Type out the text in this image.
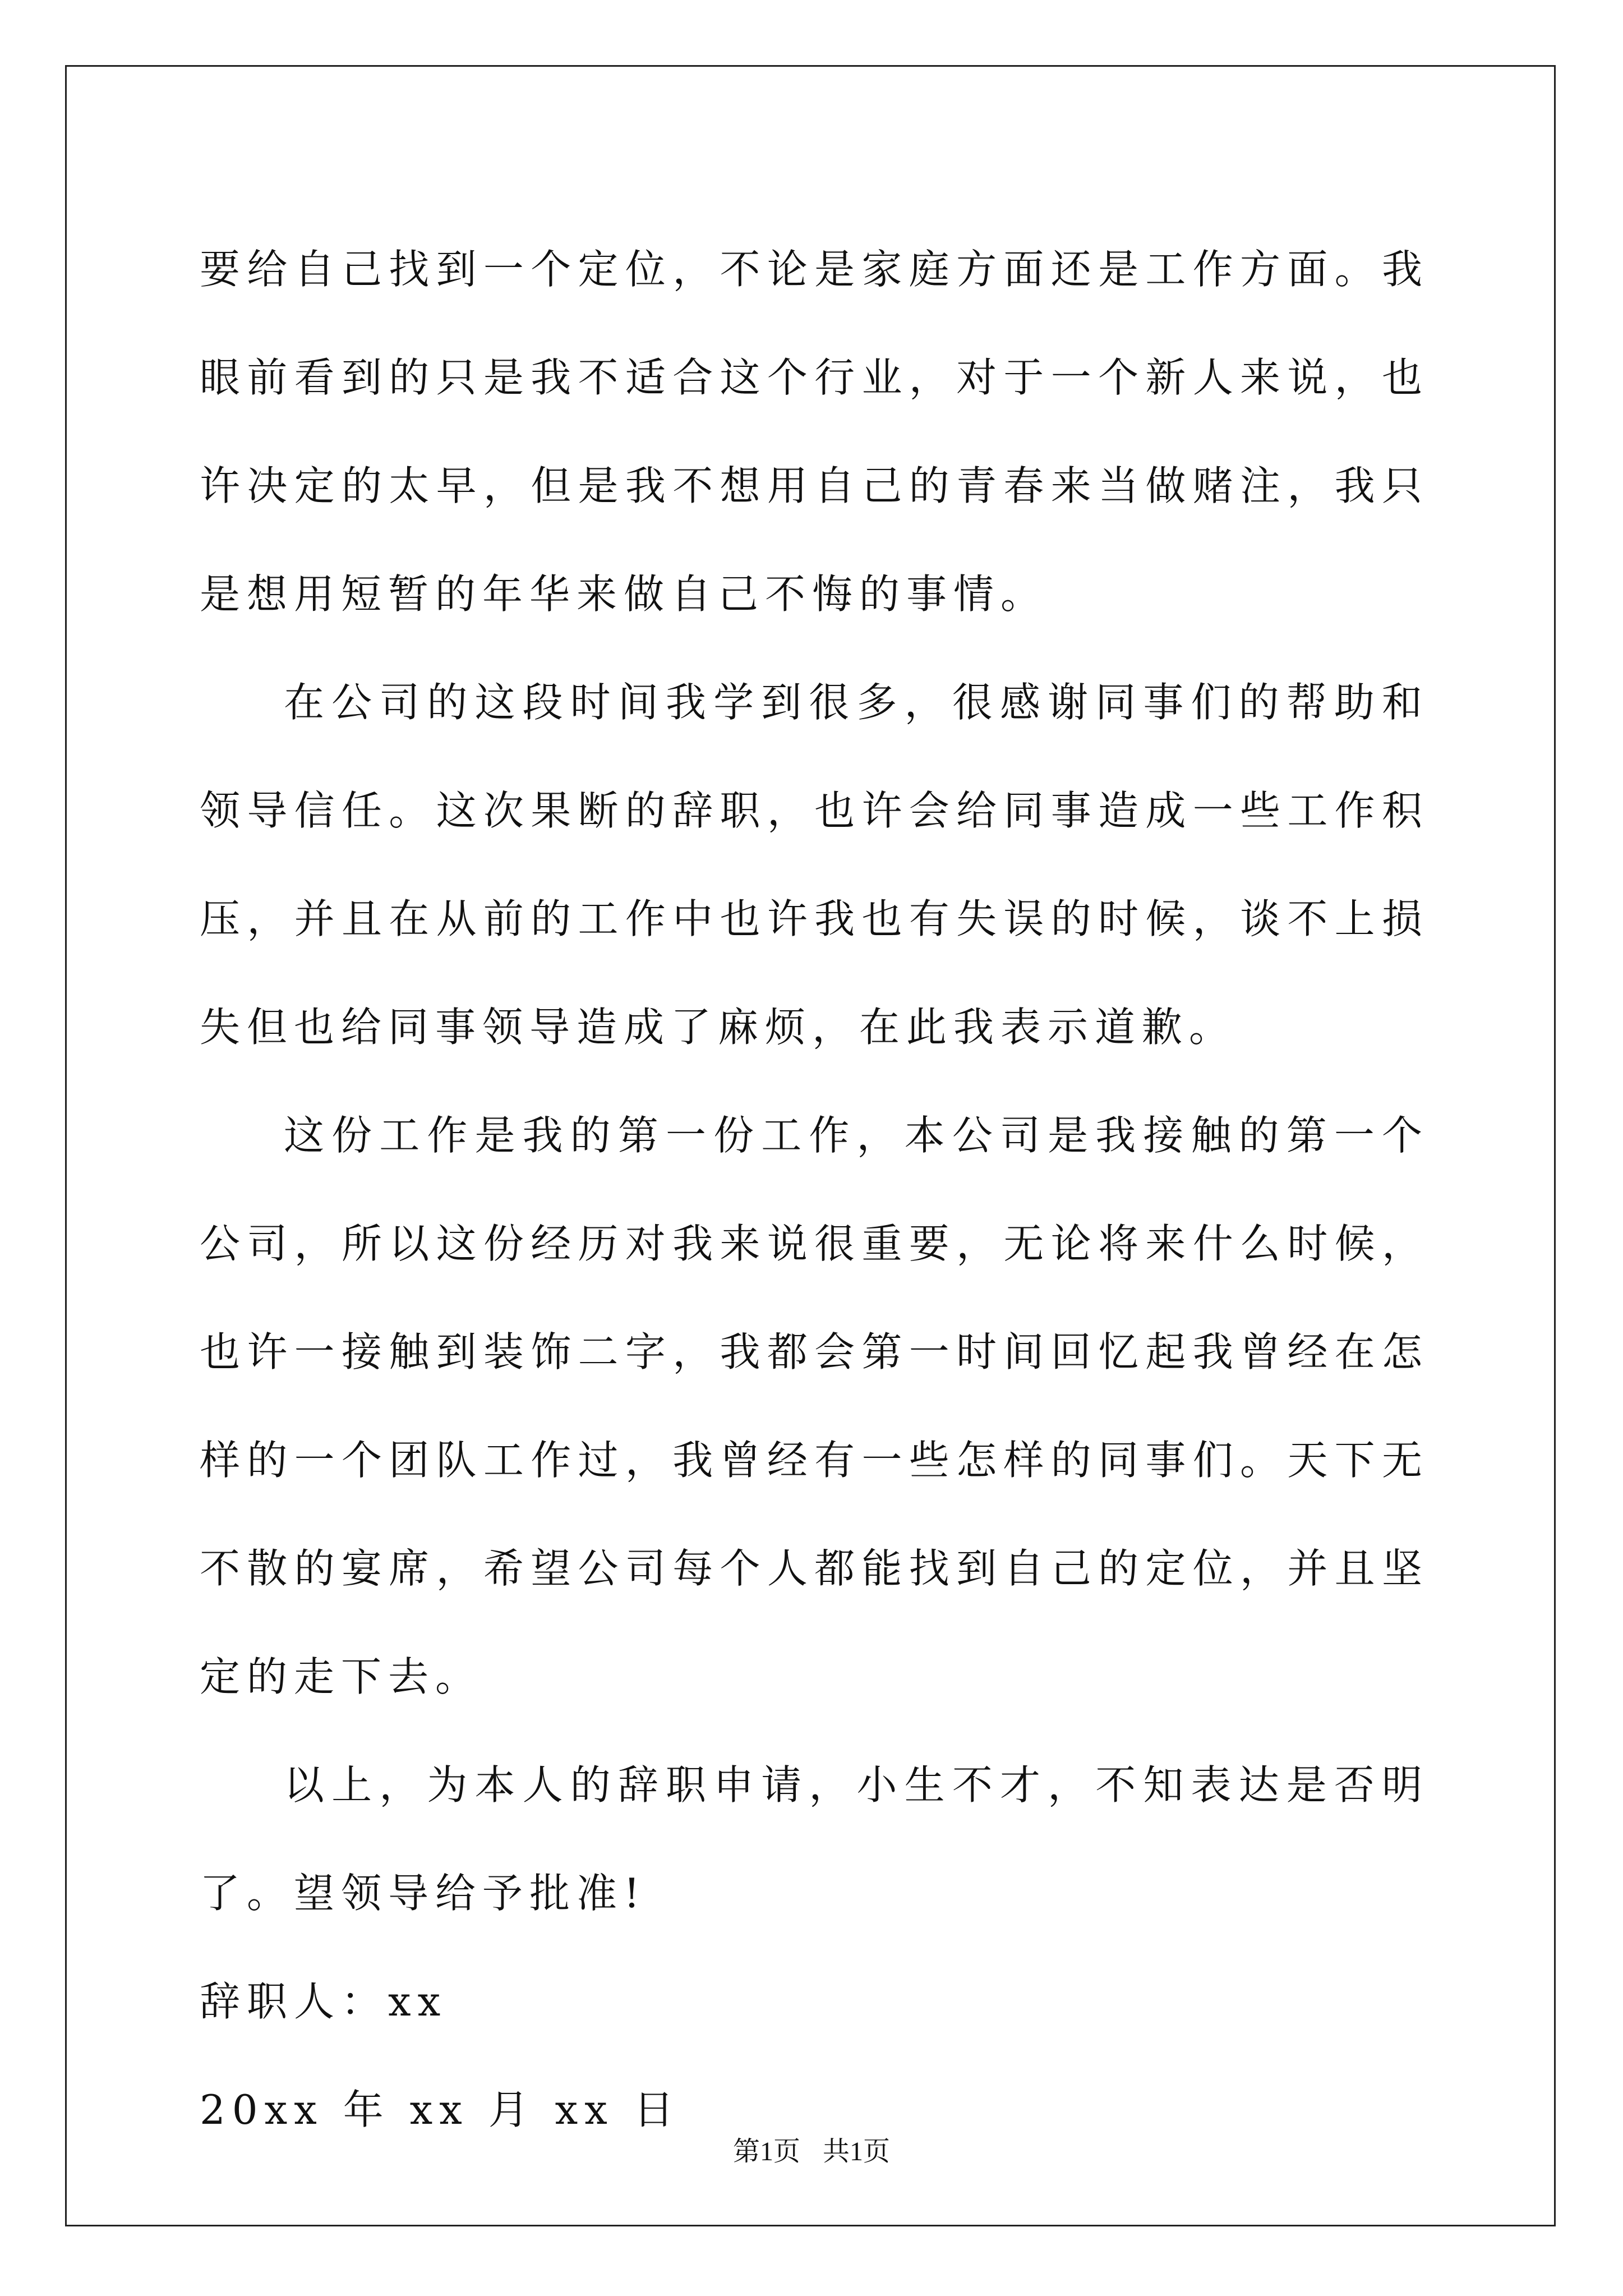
要给自己找到一个定位，不论是家庭方面还是工作方面。我眼前看到的只是我不适合这个行业，对于一个新人来说，也许决定的太早，但是我不想用自己的青春来当做赌注，我只是想用短暂的年华来做自己不悔的事情。

在公司的这段时间我学到很多，很感谢同事们的帮助和领导信任。这次果断的辞职，也许会给同事造成一些工作积压，并且在从前的工作中也许我也有失误的时候，谈不上损失但也给同事领导造成了麻烦，在此我表示道歉。

这份工作是我的第一份工作，本公司是我接触的第一个公司，所以这份经历对我来说很重要，无论将来什么时候，也许一接触到装饰二字，我都会第一时间回忆起我曾经在怎样的一个团队工作过，我曾经有一些怎样的同事们。天下无不散的宴席，希望公司每个人都能找到自己的定位，并且坚定的走下去。

以上，为本人的辞职申请，小生不才，不知表达是否明了。望领导给予批准!

辞职人：xx

20xx 年 xx 月 xx 日

第1页 共1页
